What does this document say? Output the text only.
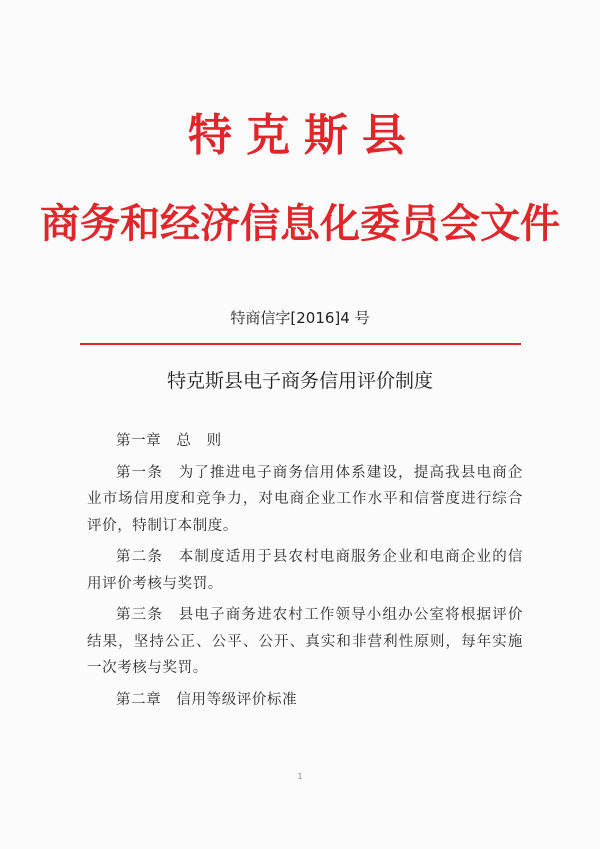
特克斯县
商务和经济信息化委员会文件
特商信字[2016]4 号
特克斯县电子商务信用评价制度

第一章　总　则

第一条　为了推进电子商务信用体系建设，提高我县电商企业市场信用度和竞争力，对电商企业工作水平和信誉度进行综合评价，特制订本制度。

第二条　本制度适用于县农村电商服务企业和电商企业的信用评价考核与奖罚。

第三条　县电子商务进农村工作领导小组办公室将根据评价结果，坚持公正、公平、公开、真实和非营利性原则，每年实施一次考核与奖罚。

第二章　信用等级评价标准

1
